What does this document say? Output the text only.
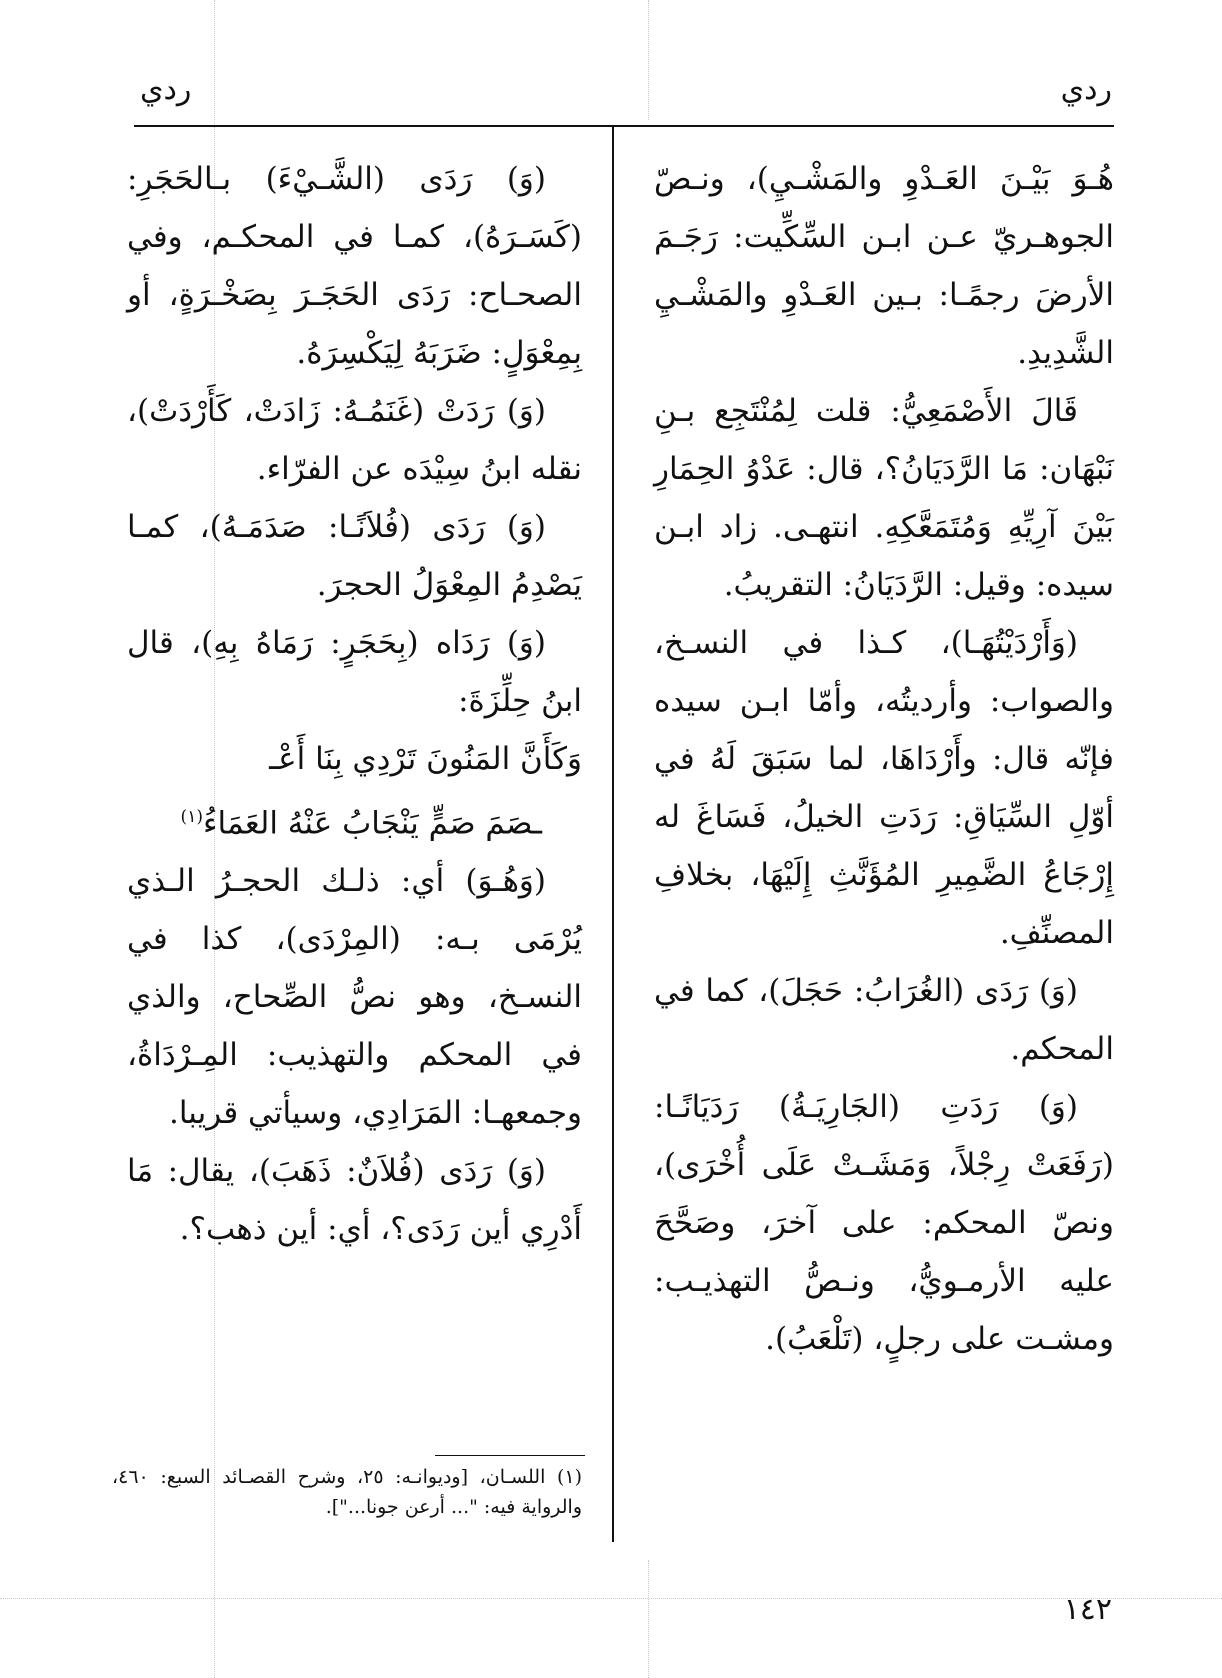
ردي
ردي

هُـوَ بَيْـنَ العَـدْوِ والمَشْـيِ)، ونـصّ الجوهـريّ عـن ابـن السِّكِّيت: رَجَـمَ الأرضَ رجمًـا: بـين العَـدْوِ والمَشْـيِ الشَّدِيدِ.

قَالَ الأَصْمَعِيُّ: قلت لِمُنْتَجِع بـنِ نَبْهَان: مَا الرَّدَيَانُ؟، قال: عَدْوُ الحِمَارِ بَيْنَ آرِيِّهِ وَمُتَمَعَّكِهِ. انتهـى. زاد ابـن سيده: وقيل: الرَّدَيَانُ: التقريبُ.

(وَأَرْدَيْتُهَـا)، كـذا في النسـخ، والصواب: وأرديتُه، وأمّا ابـن سيده فإنّه قال: وأَرْدَاهَا، لما سَبَقَ لَهُ في أوّلِ السِّيَاقِ: رَدَتِ الخيلُ، فَسَاغَ له إِرْجَاعُ الضَّمِيرِ المُؤَنَّثِ إِلَيْهَا، بخلافِ المصنِّفِ.

(وَ) رَدَى (الغُرَابُ: حَجَلَ)، كما في المحكم.

(وَ) رَدَتِ (الجَارِيَـةُ) رَدَيَانًـا: (رَفَعَتْ رِجْلاً، وَمَشَـتْ عَلَى أُخْرَى)، ونصّ المحكم: على آخرَ، وصَحَّحَ عليه الأرمـويُّ، ونـصُّ التهذيـب: ومشـت على رجلٍ، (تَلْعَبُ).

(وَ) رَدَى (الشَّـيْءَ) بـالحَجَرِ: (كَسَـرَهُ)، كمـا في المحكـم، وفي الصحـاح: رَدَى الحَجَـرَ بِصَخْـرَةٍ، أو بِمِعْوَلٍ: ضَرَبَهُ لِيَكْسِرَهُ.

(وَ) رَدَتْ (غَنَمُـهُ: زَادَتْ، كَأَرْدَتْ)، نقله ابنُ سِيْدَه عن الفرّاء.

(وَ) رَدَى (فُلاَنًـا: صَدَمَـهُ)، كمـا يَصْدِمُ المِعْوَلُ الحجرَ.

(وَ) رَدَاه (بِحَجَرٍ: رَمَاهُ بِهِ)، قال ابنُ حِلِّزَةَ:

وَكَأَنَّ المَنُونَ تَرْدِي بِنَا أَعْـ

ـصَمَ صَمٍّ يَنْجَابُ عَنْهُ العَمَاءُ$^{(١)}$

(وَهُـوَ) أي: ذلـك الحجـرُ الـذي يُرْمَى بـه: (المِرْدَى)، كذا في النسـخ، وهو نصُّ الصِّحاح، والذي في المحكم والتهذيب: المِـرْدَاةُ، وجمعهـا: المَرَادِي، وسيأتي قريبا.

(وَ) رَدَى (فُلاَنٌ: ذَهَبَ)، يقال: مَا أَدْرِي أين رَدَى؟، أي: أين ذهب؟.

(١) اللسـان، [وديوانـه: ٢٥، وشرح القصـائد السبع: ٤٦٠، والرواية فيه: "... أرعن جونا..."].

١٤٢
